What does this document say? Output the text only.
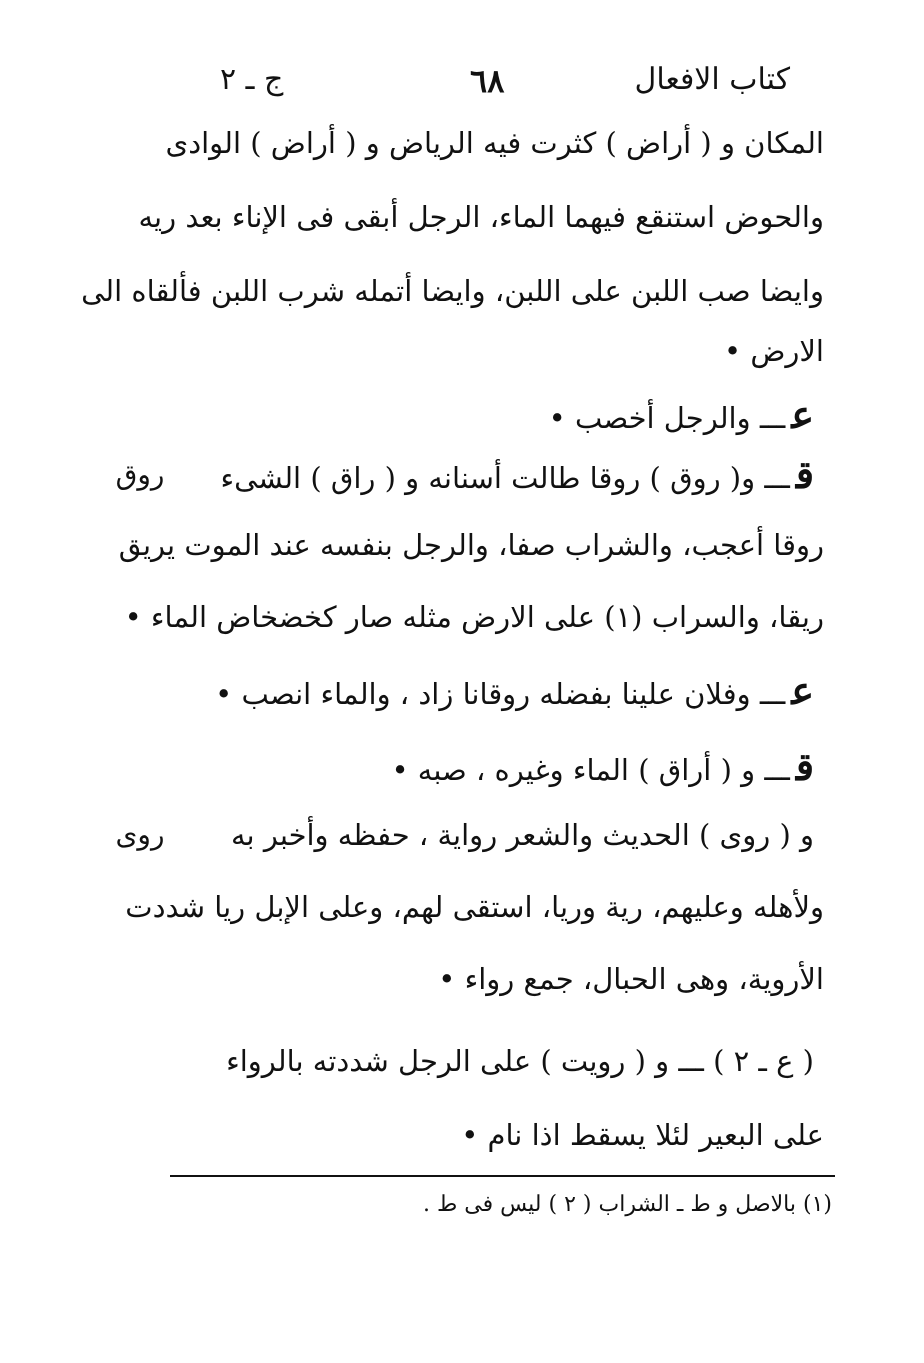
كتاب الافعال
٦٨
ج ـ ٢
المكان و ( أراض ) كثرت فيه الرياض و ( أراض ) الوادى
والحوض استنقع فيهما الماء، الرجل أبقى فى الإناء بعد ريه
وايضا صب اللبن على اللبن، وايضا أتمله شرب اللبن فألقاه الى
الارض •
عـــ والرجل أخصب •
روق	قـــ و( روق ) روقا طالت أسنانه و ( راق ) الشىء
روقا أعجب، والشراب صفا، والرجل بنفسه عند الموت يريق
ريقا، والسراب (١) على الارض مثله صار كخضخاض الماء •
عـــ وفلان علينا بفضله روقانا زاد ، والماء انصب •
قـــ و ( أراق ) الماء وغيره ، صبه •
روى	و ( روى ) الحديث والشعر رواية ، حفظه وأخبر به
ولأهله وعليهم، رية وريا، استقى لهم، وعلى الإبل ريا شددت
الأروية، وهى الحبال، جمع رواء •
( ع ـ ٢ ) ـــ و ( رويت ) على الرجل شددته بالرواء
على البعير لئلا يسقط اذا نام •
(١) بالاصل و ط ـ الشراب ( ٢ ) ليس فى ط .
